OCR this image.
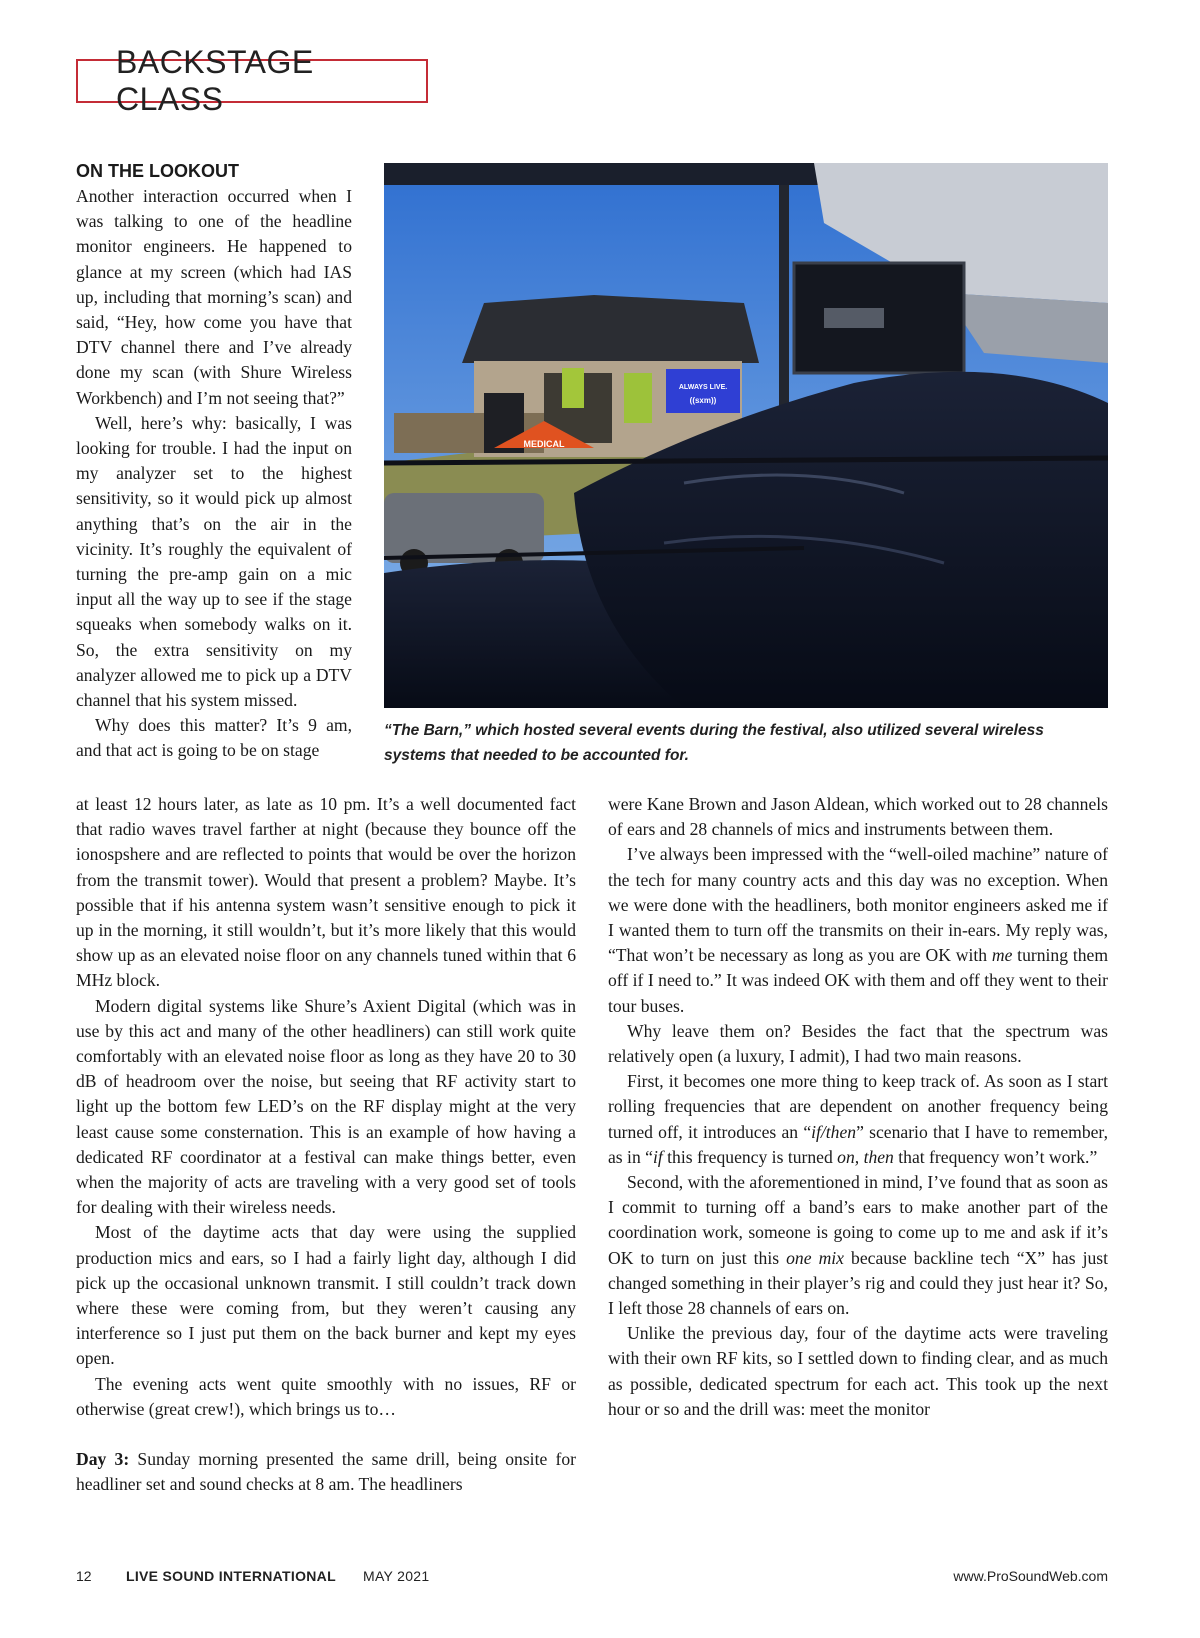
BACKSTAGE CLASS
ON THE LOOKOUT

Another interaction occurred when I was talking to one of the headline monitor engineers. He happened to glance at my screen (which had IAS up, including that morning’s scan) and said, “Hey, how come you have that DTV channel there and I’ve already done my scan (with Shure Wireless Workbench) and I’m not seeing that?”

Well, here’s why: basically, I was looking for trouble. I had the input on my analyzer set to the highest sensitivity, so it would pick up almost anything that’s on the air in the vicinity. It’s roughly the equivalent of turning the pre-amp gain on a mic input all the way up to see if the stage squeaks when somebody walks on it. So, the extra sensitivity on my analyzer allowed me to pick up a DTV channel that his system missed.

Why does this matter? It’s 9 am, and that act is going to be on stage

ALWAYS LIVE.
((sxm))
MEDICAL
“The Barn,” which hosted several events during the festival, also utilized several wireless systems that needed to be accounted for.

at least 12 hours later, as late as 10 pm. It’s a well documented fact that radio waves travel farther at night (because they bounce off the ionospshere and are reflected to points that would be over the horizon from the transmit tower). Would that present a problem? Maybe. It’s possible that if his antenna system wasn’t sensitive enough to pick it up in the morning, it still wouldn’t, but it’s more likely that this would show up as an elevated noise floor on any channels tuned within that 6 MHz block.

Modern digital systems like Shure’s Axient Digital (which was in use by this act and many of the other headliners) can still work quite comfortably with an elevated noise floor as long as they have 20 to 30 dB of headroom over the noise, but seeing that RF activity start to light up the bottom few LED’s on the RF display might at the very least cause some consternation. This is an example of how having a dedicated RF coordinator at a festival can make things better, even when the majority of acts are traveling with a very good set of tools for dealing with their wireless needs.

Most of the daytime acts that day were using the supplied production mics and ears, so I had a fairly light day, although I did pick up the occasional unknown transmit. I still couldn’t track down where these were coming from, but they weren’t causing any interference so I just put them on the back burner and kept my eyes open.

The evening acts went quite smoothly with no issues, RF or otherwise (great crew!), which brings us to…

Day 3: Sunday morning presented the same drill, being onsite for headliner set and sound checks at 8 am. The headliners

were Kane Brown and Jason Aldean, which worked out to 28 channels of ears and 28 channels of mics and instruments between them.

I’ve always been impressed with the “well-oiled machine” nature of the tech for many country acts and this day was no exception. When we were done with the headliners, both monitor engineers asked me if I wanted them to turn off the transmits on their in-ears. My reply was, “That won’t be necessary as long as you are OK with me turning them off if I need to.” It was indeed OK with them and off they went to their tour buses.

Why leave them on? Besides the fact that the spectrum was relatively open (a luxury, I admit), I had two main reasons.

First, it becomes one more thing to keep track of. As soon as I start rolling frequencies that are dependent on another frequency being turned off, it introduces an “if/then” scenario that I have to remember, as in “if this frequency is turned on, then that frequency won’t work.”

Second, with the aforementioned in mind, I’ve found that as soon as I commit to turning off a band’s ears to make another part of the coordination work, someone is going to come up to me and ask if it’s OK to turn on just this one mix because backline tech “X” has just changed something in their player’s rig and could they just hear it? So, I left those 28 channels of ears on.

Unlike the previous day, four of the daytime acts were traveling with their own RF kits, so I settled down to finding clear, and as much as possible, dedicated spectrum for each act. This took up the next hour or so and the drill was: meet the monitor

12 LIVE SOUND INTERNATIONAL MAY 2021	www.ProSoundWeb.com
